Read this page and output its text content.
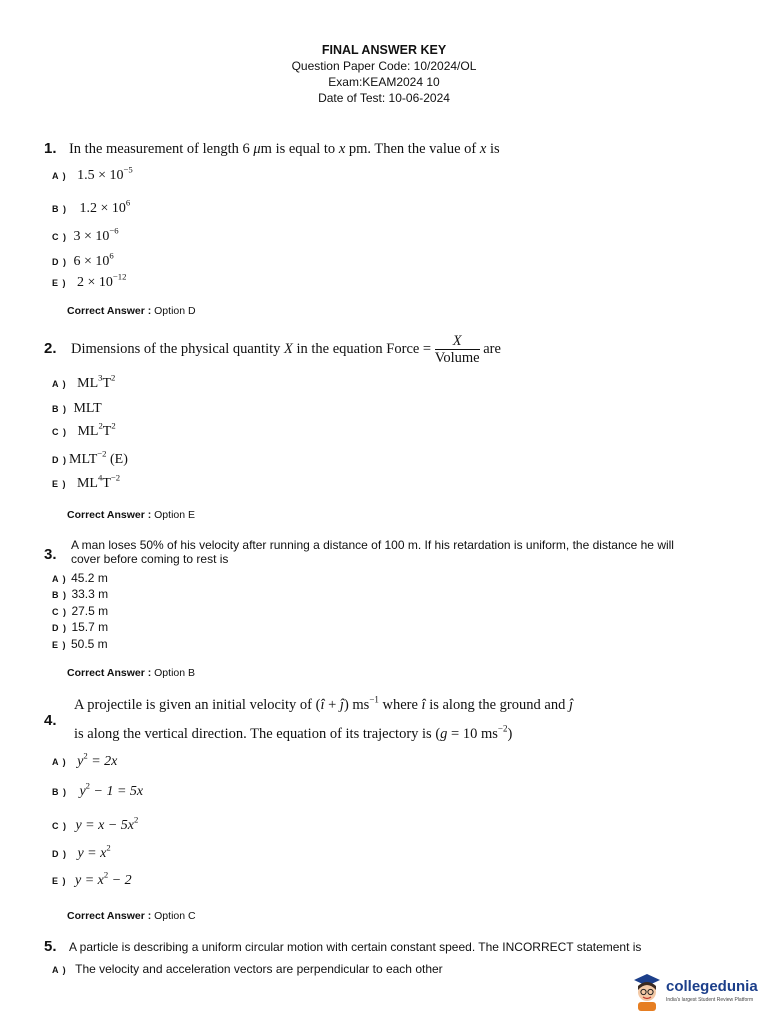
FINAL ANSWER KEY
Question Paper Code: 10/2024/OL
Exam:KEAM2024 10
Date of Test: 10-06-2024
1. In the measurement of length 6 μm is equal to x pm. Then the value of x is
A ) $1.5 \times 10^{-5}$
B ) $1.2 \times 10^6$
C ) $3 \times 10^{-6}$
D ) $6 \times 10^6$
E ) $2 \times 10^{-12}$
Correct Answer : Option D
2. Dimensions of the physical quantity X in the equation Force = $\frac{X}{\text{Volume}}$ are
A ) $ML^3T^2$
B ) MLT
C ) $ML^2T^2$
D ) $MLT^{-2}$ (E)
E ) $ML^4T^{-2}$
Correct Answer : Option E
3.
A man loses 50% of his velocity after running a distance of 100 m. If his retardation is uniform, the distance he will
cover before coming to rest is
A ) 45.2 m
B ) 33.3 m
C ) 27.5 m
D ) 15.7 m
E ) 50.5 m
Correct Answer : Option B
4.
A projectile is given an initial velocity of (î + ĵ) $ms^{-1}$ where î is along the ground and ĵ
is along the vertical direction. The equation of its trajectory is (g = 10 $ms^{-2}$)
A ) $y^2 = 2x$
B ) $y^2 - 1 = 5x$
C ) $y = x - 5x^2$
D ) $y = x^2$
E ) $y = x^2 - 2$
Correct Answer : Option C
5. A particle is describing a uniform circular motion with certain constant speed. The INCORRECT statement is
A ) The velocity and acceleration vectors are perpendicular to each other
collegedunia
India's largest Student Review Platform
